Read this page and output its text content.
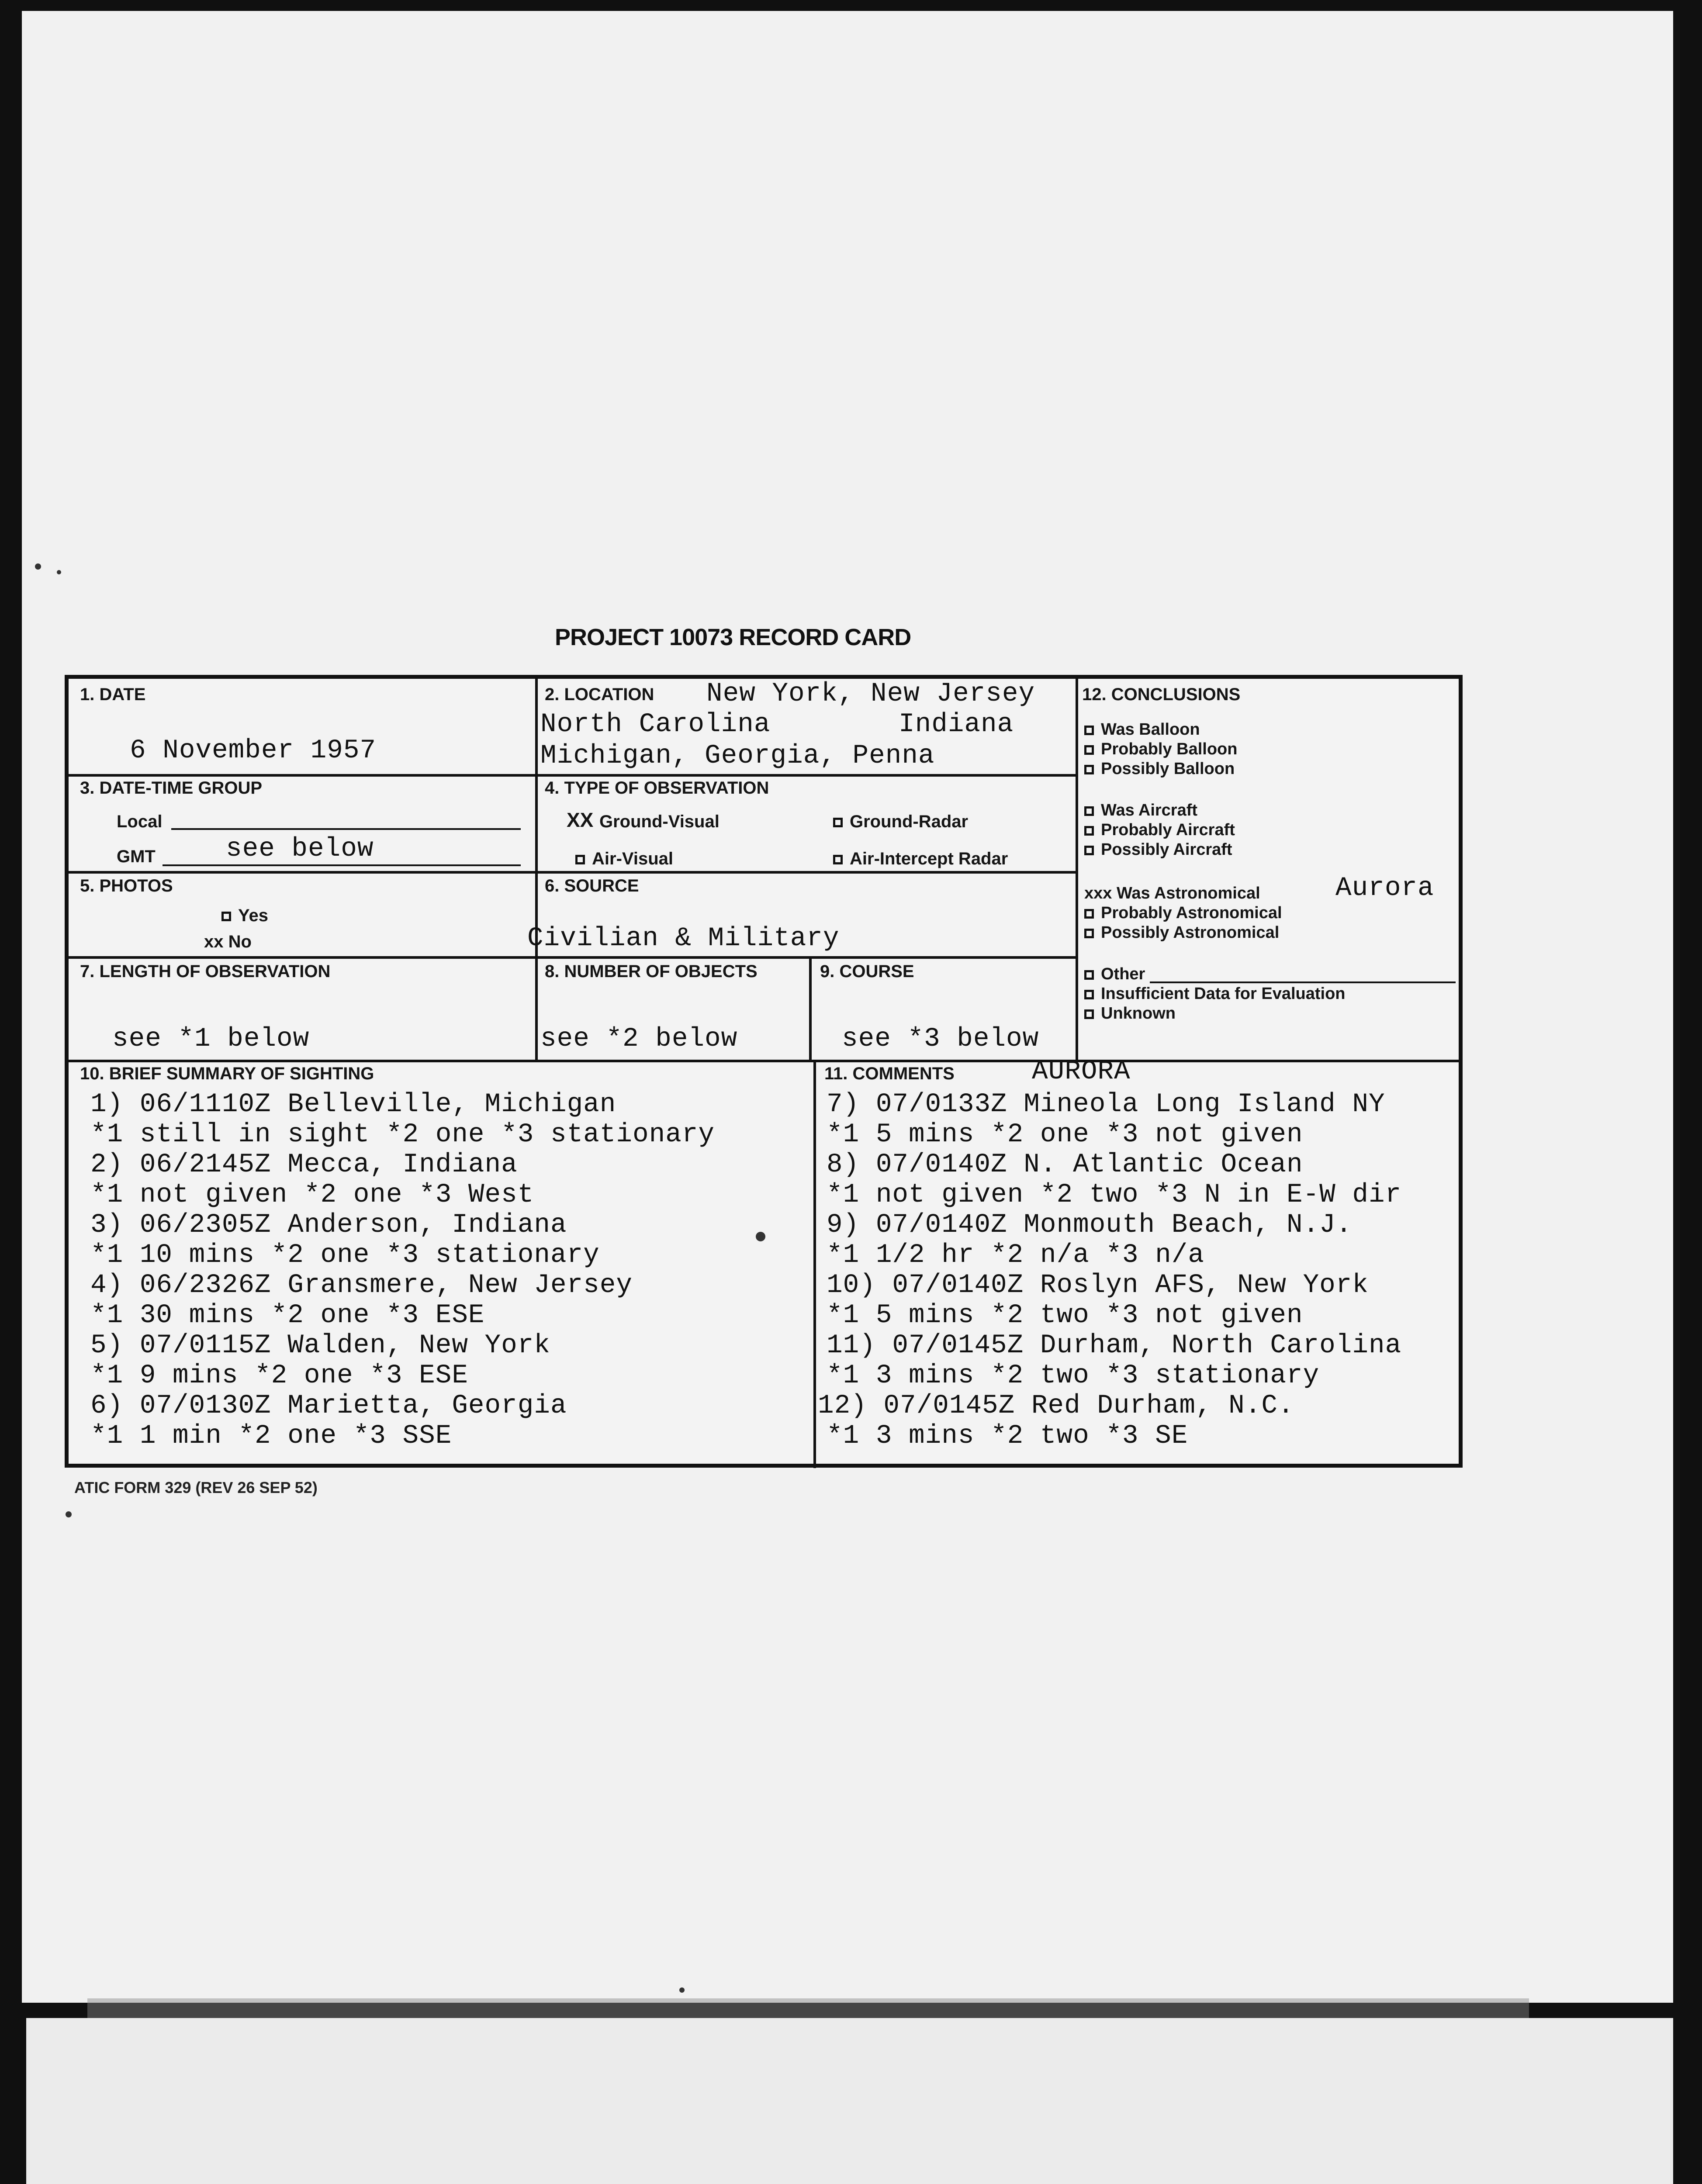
PROJECT 10073 RECORD CARD
1. DATE
6 November 1957
2. LOCATION New York, New Jersey
North Carolina	Indiana
Michigan, Georgia, Penna
3. DATE-TIME GROUP
Local
GMT	see below
4. TYPE OF OBSERVATION
XX Ground-Visual	Ground-Radar
Air-Visual	Air-Intercept Radar
5. PHOTOS
Yes
xx No
6. SOURCE
Civilian & Military
7. LENGTH OF OBSERVATION
see *1 below
8. NUMBER OF OBJECTS
see *2 below
9. COURSE
see *3 below
10. BRIEF SUMMARY OF SIGHTING
1) 06/1110Z Belleville, Michigan
*1 still in sight *2 one *3 stationary
2) 06/2145Z Mecca, Indiana
*1 not given *2 one *3 West
3) 06/2305Z Anderson, Indiana
*1 10 mins *2 one *3 stationary
4) 06/2326Z Gransmere, New Jersey
*1 30 mins *2 one *3 ESE
5) 07/0115Z Walden, New York
*1 9 mins *2 one *3 ESE
6) 07/0130Z Marietta, Georgia
*1 1 min *2 one *3 SSE
11. COMMENTS	AURORA
7) 07/0133Z Mineola Long Island NY
*1 5 mins *2 one *3 not given
8) 07/0140Z N. Atlantic Ocean
*1 not given *2 two *3 N in E-W dir
9) 07/0140Z Monmouth Beach, N.J.
*1 1/2 hr *2 n/a *3 n/a
10) 07/0140Z Roslyn AFS, New York
*1 5 mins *2 two *3 not given
11) 07/0145Z Durham, North Carolina
*1 3 mins *2 two *3 stationary
12) 07/0145Z Red Durham, N.C.
*1 3 mins *2 two *3 SE
12. CONCLUSIONS
Was Balloon
Probably Balloon
Possibly Balloon
Was Aircraft
Probably Aircraft
Possibly Aircraft
xxx Was Astronomical
Probably Astronomical
Possibly Astronomical
Other
Insufficient Data for Evaluation
Unknown
Aurora
ATIC FORM 329 (REV 26 SEP 52)
